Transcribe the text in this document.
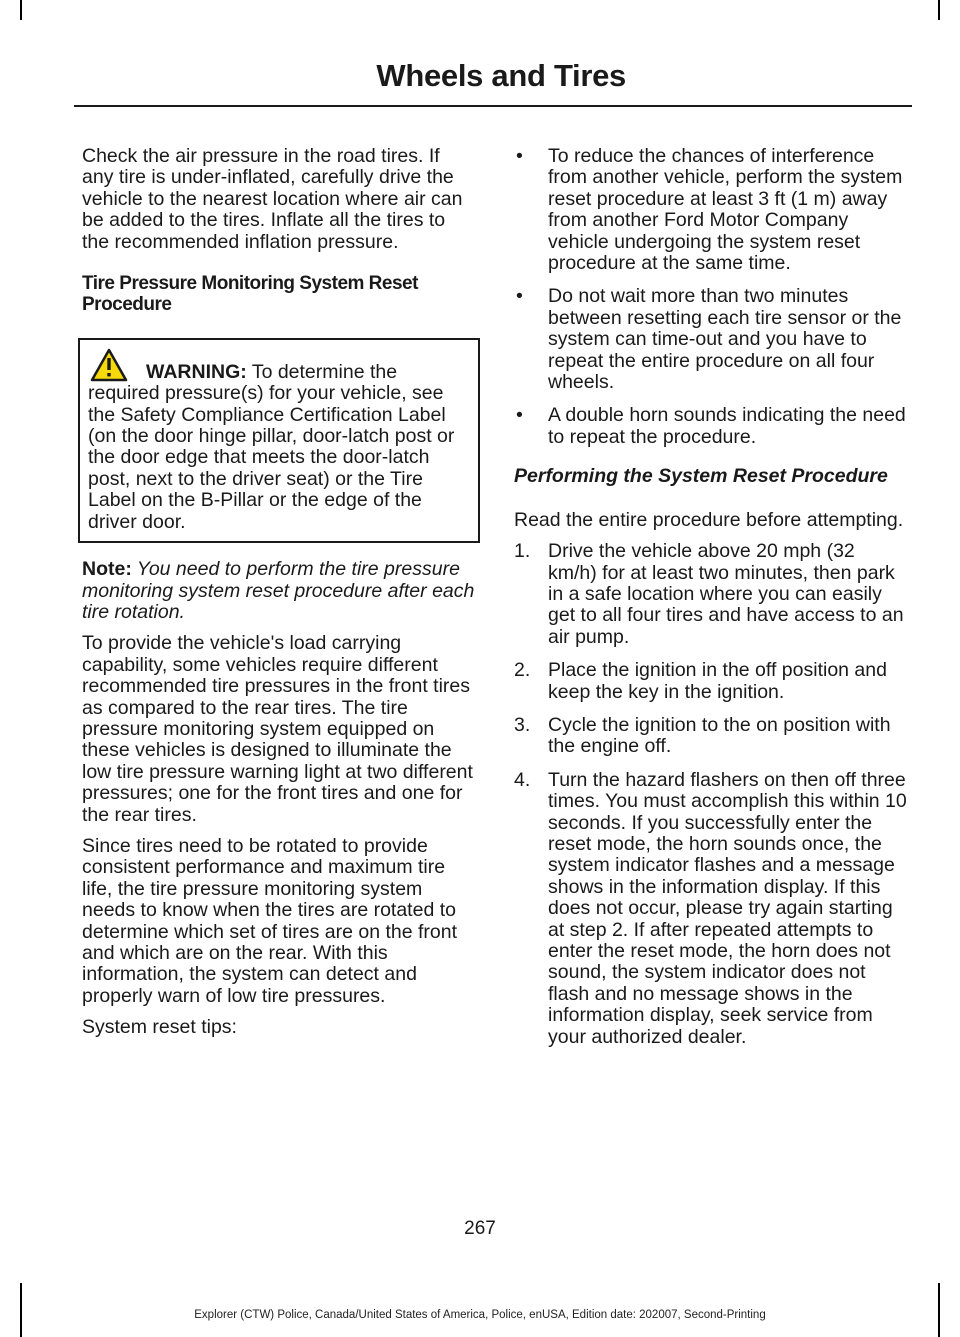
Wheels and Tires

Check the air pressure in the road tires. If any tire is under-inflated, carefully drive the vehicle to the nearest location where air can be added to the tires. Inflate all the tires to the recommended inflation pressure.

Tire Pressure Monitoring System Reset Procedure
WARNING: To determine the required pressure(s) for your vehicle, see the Safety Compliance Certification Label (on the door hinge pillar, door-latch post or the door edge that meets the door-latch post, next to the driver seat) or the Tire Label on the B-Pillar or the edge of the driver door.

Note: You need to perform the tire pressure monitoring system reset procedure after each tire rotation.

To provide the vehicle's load carrying capability, some vehicles require different recommended tire pressures in the front tires as compared to the rear tires. The tire pressure monitoring system equipped on these vehicles is designed to illuminate the low tire pressure warning light at two different pressures; one for the front tires and one for the rear tires.

Since tires need to be rotated to provide consistent performance and maximum tire life, the tire pressure monitoring system needs to know when the tires are rotated to determine which set of tires are on the front and which are on the rear. With this information, the system can detect and properly warn of low tire pressures.

System reset tips:

• To reduce the chances of interference from another vehicle, perform the system reset procedure at least 3 ft (1 m) away from another Ford Motor Company vehicle undergoing the system reset procedure at the same time.
• Do not wait more than two minutes between resetting each tire sensor or the system can time-out and you have to repeat the entire procedure on all four wheels.
• A double horn sounds indicating the need to repeat the procedure.
Performing the System Reset Procedure

Read the entire procedure before attempting.

1. Drive the vehicle above 20 mph (32 km/h) for at least two minutes, then park in a safe location where you can easily get to all four tires and have access to an air pump.
2. Place the ignition in the off position and keep the key in the ignition.
3. Cycle the ignition to the on position with the engine off.
4. Turn the hazard flashers on then off three times. You must accomplish this within 10 seconds. If you successfully enter the reset mode, the horn sounds once, the system indicator flashes and a message shows in the information display. If this does not occur, please try again starting at step 2. If after repeated attempts to enter the reset mode, the horn does not sound, the system indicator does not flash and no message shows in the information display, seek service from your authorized dealer.
267
Explorer (CTW) Police, Canada/United States of America, Police, enUSA, Edition date: 202007, Second-Printing
